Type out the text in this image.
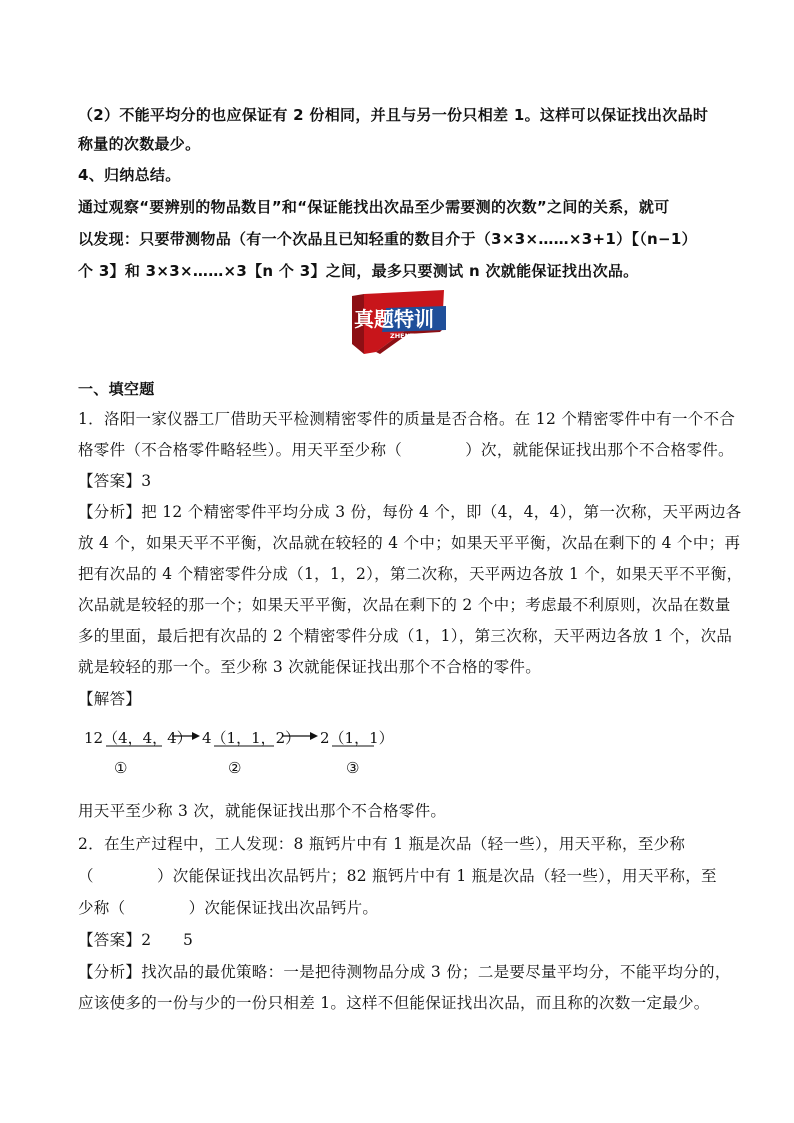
（2）不能平均分的也应保证有 2 份相同，并且与另一份只相差 1。这样可以保证找出次品时
称量的次数最少。
4、归纳总结。
通过观察“要辨别的物品数目”和“保证能找出次品至少需要测的次数”之间的关系，就可
以发现：只要带测物品（有一个次品且已知轻重的数目介于（3×3×……×3+1）【（n−1）
个 3】和 3×3×……×3【n 个 3】之间，最多只要测试 n 次就能保证找出次品。
真题特训
ZHENTITEXUN
一、填空题
1．洛阳一家仪器工厂借助天平检测精密零件的质量是否合格。在 12 个精密零件中有一个不合
格零件（不合格零件略轻些）。用天平至少称（　　　　）次，就能保证找出那个不合格零件。
【答案】3
【分析】把 12 个精密零件平均分成 3 份，每份 4 个，即（4，4，4），第一次称，天平两边各
放 4 个，如果天平不平衡，次品就在较轻的 4 个中；如果天平平衡，次品在剩下的 4 个中；再
把有次品的 4 个精密零件分成（1，1，2），第二次称，天平两边各放 1 个，如果天平不平衡，
次品就是较轻的那一个；如果天平平衡，次品在剩下的 2 个中；考虑最不利原则，次品在数量
多的里面，最后把有次品的 2 个精密零件分成（1，1），第三次称，天平两边各放 1 个，次品
就是较轻的那一个。至少称 3 次就能保证找出那个不合格的零件。
【解答】
12（4，4，4） 4（1，1，2） 2（1，1）
①	②	③
用天平至少称 3 次，就能保证找出那个不合格零件。
2．在生产过程中，工人发现：8 瓶钙片中有 1 瓶是次品（轻一些），用天平称，至少称
（　　　　）次能保证找出次品钙片；82 瓶钙片中有 1 瓶是次品（轻一些），用天平称，至
少称（　　　　）次能保证找出次品钙片。
【答案】2　　5
【分析】找次品的最优策略：一是把待测物品分成 3 份；二是要尽量平均分，不能平均分的，
应该使多的一份与少的一份只相差 1。这样不但能保证找出次品，而且称的次数一定最少。
